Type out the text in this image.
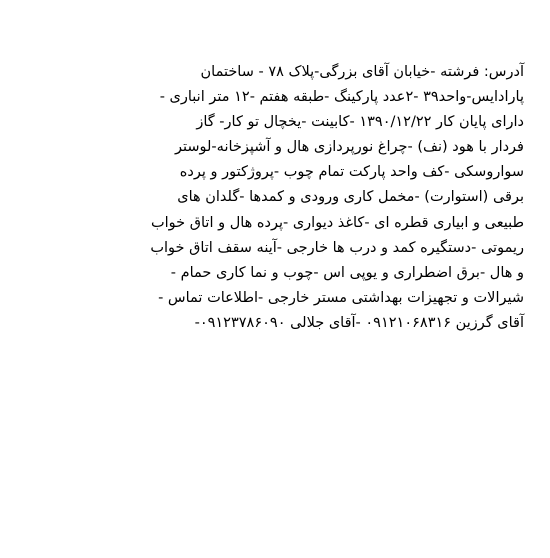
آدرس: فرشته -خیابان آقای بزرگی-پلاک ۷۸ - ساختمان
پارادایس-واحد۳۹ -۲عدد پارکینگ -طبقه هفتم -۱۲ متر انباری -
دارای پایان کار ۱۳۹۰/۱۲/۲۲ -کابینت -یخچال تو کار- گاز
فردار با هود (نف) -چراغ نورپردازی هال و آشپزخانه-لوستر
سواروسکی -کف واحد پارکت تمام چوب -پروژکتور و پرده
برقی (استوارت) -مخمل کاری ورودی و کمدها -گلدان های
طبیعی و ابیاری قطره ای -کاغذ دیواری -پرده هال و اتاق خواب
ریموتی -دستگیره کمد و درب ها خارجی -آینه سقف اتاق خواب
و هال -برق اضطراری و یوپی اس -چوب و نما کاری حمام -
شیرالات و تجهیزات بهداشتی مستر خارجی -اطلاعات تماس -
آقای گرزین ۰۹۱۲۱۰۶۸۳۱۶ -آقای جلالی ۰۹۱۲۳۷۸۶۰۹۰-
